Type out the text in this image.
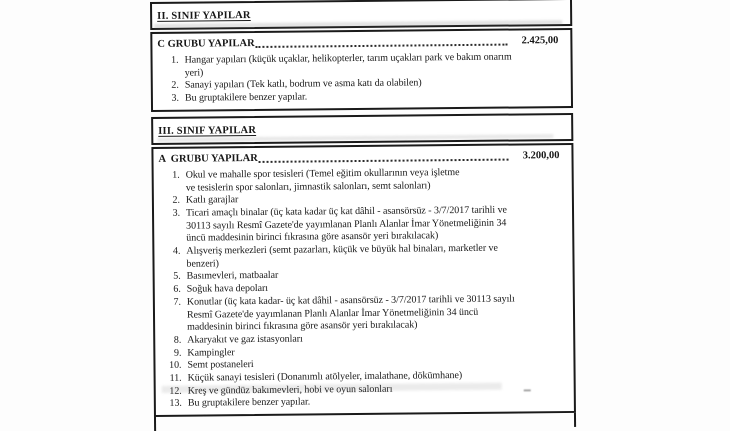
II. SINIF YAPILAR
C GRUBU YAPILAR	2.425,00
1. Hangar yapıları (küçük uçaklar, helikopterler, tarım uçakları park ve bakım onarım
yeri)
2. Sanayi yapıları (Tek katlı, bodrum ve asma katı da olabilen)
3. Bu gruptakilere benzer yapılar.
III. SINIF YAPILAR
A  GRUBU YAPILAR	3.200,00
1. Okul ve mahalle spor tesisleri (Temel eğitim okullarının veya işletme
ve tesislerin spor salonları, jimnastik salonları, semt salonları)
2. Katlı garajlar
3. Ticari amaçlı binalar (üç kata kadar üç kat dâhil - asansörsüz - 3/7/2017 tarihli ve
30113 sayılı Resmî Gazete'de yayımlanan Planlı Alanlar İmar Yönetmeliğinin 34
üncü maddesinin birinci fıkrasına göre asansör yeri bırakılacak)
4. Alışveriş merkezleri (semt pazarları, küçük ve büyük hal binaları, marketler ve
benzeri)
5. Basımevleri, matbaalar
6. Soğuk hava depoları
7. Konutlar (üç kata kadar- üç kat dâhil - asansörsüz - 3/7/2017 tarihli ve 30113 sayılı
Resmî Gazete'de yayımlanan Planlı Alanlar İmar Yönetmeliğinin 34 üncü
maddesinin birinci fıkrasına göre asansör yeri bırakılacak)
8. Akaryakıt ve gaz istasyonları
9. Kampingler
10. Semt postaneleri
11. Küçük sanayi tesisleri (Donanımlı atölyeler, imalathane, dökümhane)
12. Kreş ve gündüz bakımevleri, hobi ve oyun salonları
13. Bu gruptakilere benzer yapılar.
